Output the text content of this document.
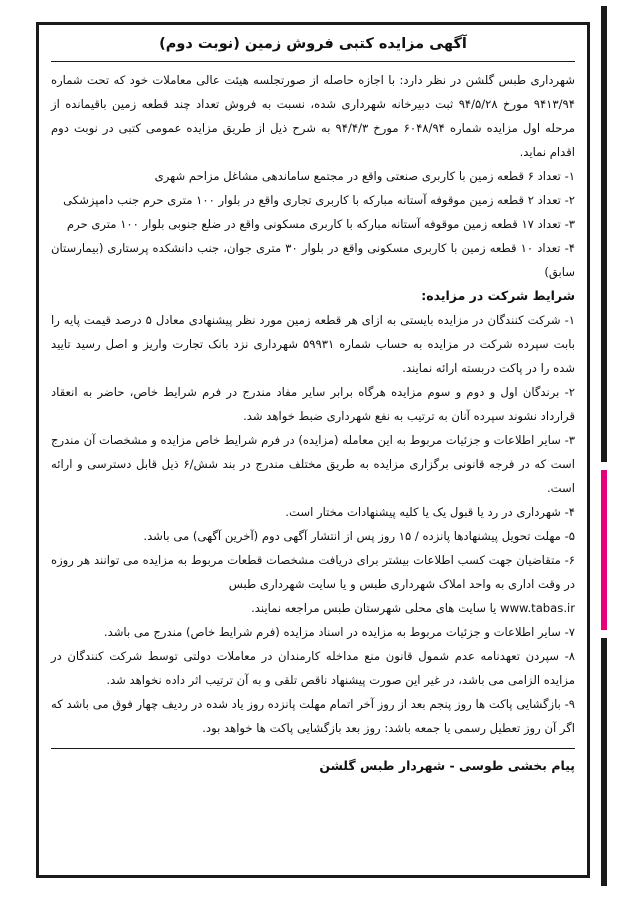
آگهی مزایده کتبی فروش زمین (نوبت دوم)

شهرداری طبس گلشن در نظر دارد: با اجازه حاصله از صورتجلسه هیئت عالی معاملات خود که تحت شماره ۹۴۱۳/۹۴ مورخ ۹۴/۵/۲۸ ثبت دبیرخانه شهرداری شده، نسبت به فروش تعداد چند قطعه زمین باقیمانده از مرحله اول مزایده شماره ۶۰۴۸/۹۴ مورخ ۹۴/۴/۳ به شرح ذیل از طریق مزایده عمومی کتبی در نوبت دوم اقدام نماید.

۱- تعداد ۶ قطعه زمین با کاربری صنعتی واقع در مجتمع ساماندهی مشاغل مزاحم شهری

۲- تعداد ۲ قطعه زمین موقوفه آستانه مبارکه با کاربری تجاری واقع در بلوار ۱۰۰ متری حرم جنب دامپزشکی

۳- تعداد ۱۷ قطعه زمین موقوفه آستانه مبارکه با کاربری مسکونی واقع در ضلع جنوبی بلوار ۱۰۰ متری حرم

۴- تعداد ۱۰ قطعه زمین با کاربری مسکونی واقع در بلوار ۳۰ متری جوان، جنب دانشکده پرستاری (بیمارستان سابق)

شرایط شرکت در مزایده:

۱- شرکت کنندگان در مزایده بایستی به ازای هر قطعه زمین مورد نظر پیشنهادی معادل ۵ درصد قیمت پایه را بابت سپرده شرکت در مزایده به حساب شماره ۵۹۹۳۱ شهرداری نزد بانک تجارت واریز و اصل رسید تایید شده را در پاکت دربسته ارائه نمایند.

۲- برندگان اول و دوم و سوم مزایده هرگاه برابر سایر مفاد مندرج در فرم شرایط خاص، حاضر به انعقاد قرارداد نشوند سپرده آنان به ترتیب به نفع شهرداری ضبط خواهد شد.

۳- سایر اطلاعات و جزئیات مربوط به این معامله (مزایده) در فرم شرایط خاص مزایده و مشخصات آن مندرج است که در فرجه قانونی برگزاری مزایده به طریق مختلف مندرج در بند شش/۶ ذیل قابل دسترسی و ارائه است.

۴- شهرداری در رد یا قبول یک یا کلیه پیشنهادات مختار است.

۵- مهلت تحویل پیشنهادها پانزده / ۱۵ روز پس از انتشار آگهی دوم (آخرین آگهی) می باشد.

۶- متقاضیان جهت کسب اطلاعات بیشتر برای دریافت مشخصات قطعات مربوط به مزایده می توانند هر روزه در وقت اداری به واحد املاک شهرداری طبس و یا سایت شهرداری طبس
www.tabas.ir یا سایت های محلی شهرستان طبس مراجعه نمایند.

۷- سایر اطلاعات و جزئیات مربوط به مزایده در اسناد مزایده (فرم شرایط خاص) مندرج می باشد.

۸- سپردن تعهدنامه عدم شمول قانون منع مداخله کارمندان در معاملات دولتی توسط شرکت کنندگان در مزایده الزامی می باشد، در غیر این صورت پیشنهاد ناقص تلقی و به آن ترتیب اثر داده نخواهد شد.

۹- بازگشایی پاکت ها روز پنجم بعد از روز آخر اتمام مهلت پانزده روز یاد شده در ردیف چهار فوق می باشد که اگر آن روز تعطیل رسمی یا جمعه باشد: روز بعد بازگشایی پاکت ها خواهد بود.

پیام بخشی طوسی - شهردار طبس گلشن
